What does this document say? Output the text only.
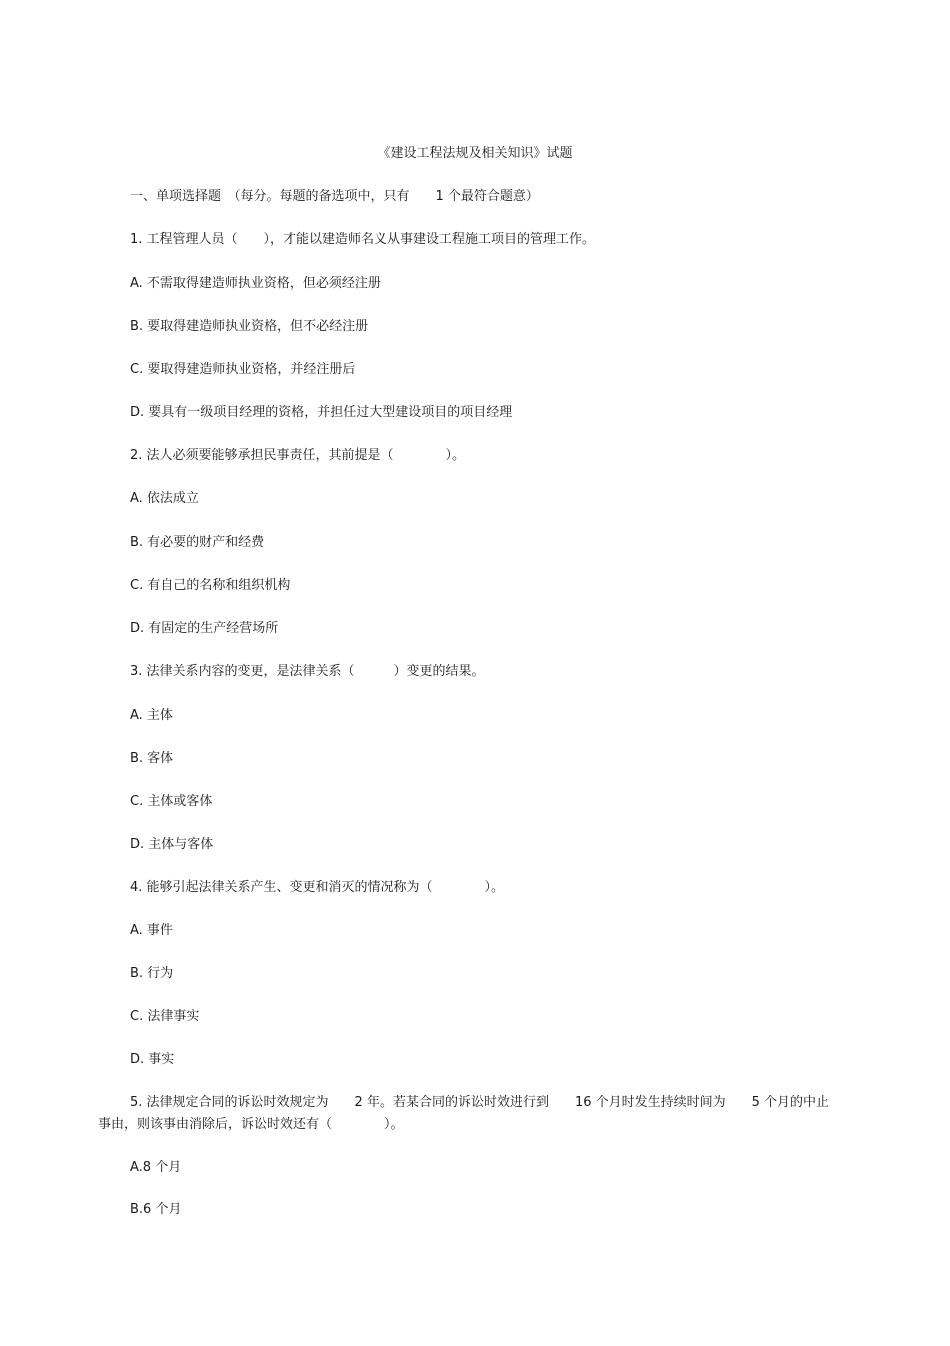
《建设工程法规及相关知识》试题
一、单项选择题　（每分。每题的备选项中，只有　　1 个最符合题意）
1. 工程管理人员（　　），才能以建造师名义从事建设工程施工项目的管理工作。
A. 不需取得建造师执业资格，但必须经注册
B. 要取得建造师执业资格，但不必经注册
C. 要取得建造师执业资格，并经注册后
D. 要具有一级项目经理的资格，并担任过大型建设项目的项目经理
2. 法人必须要能够承担民事责任，其前提是（　　　　）。
A. 依法成立
B. 有必要的财产和经费
C. 有自己的名称和组织机构
D. 有固定的生产经营场所
3. 法律关系内容的变更，是法律关系（　　　）变更的结果。
A. 主体
B. 客体
C. 主体或客体
D. 主体与客体
4. 能够引起法律关系产生、变更和消灭的情况称为（　　　　）。
A. 事件
B. 行为
C. 法律事实
D. 事实
5. 法律规定合同的诉讼时效规定为　　2 年。若某合同的诉讼时效进行到　　16 个月时发生持续时间为　　5 个月的中止事由，则该事由消除后，诉讼时效还有（　　　　）。
A.8 个月
B.6 个月
